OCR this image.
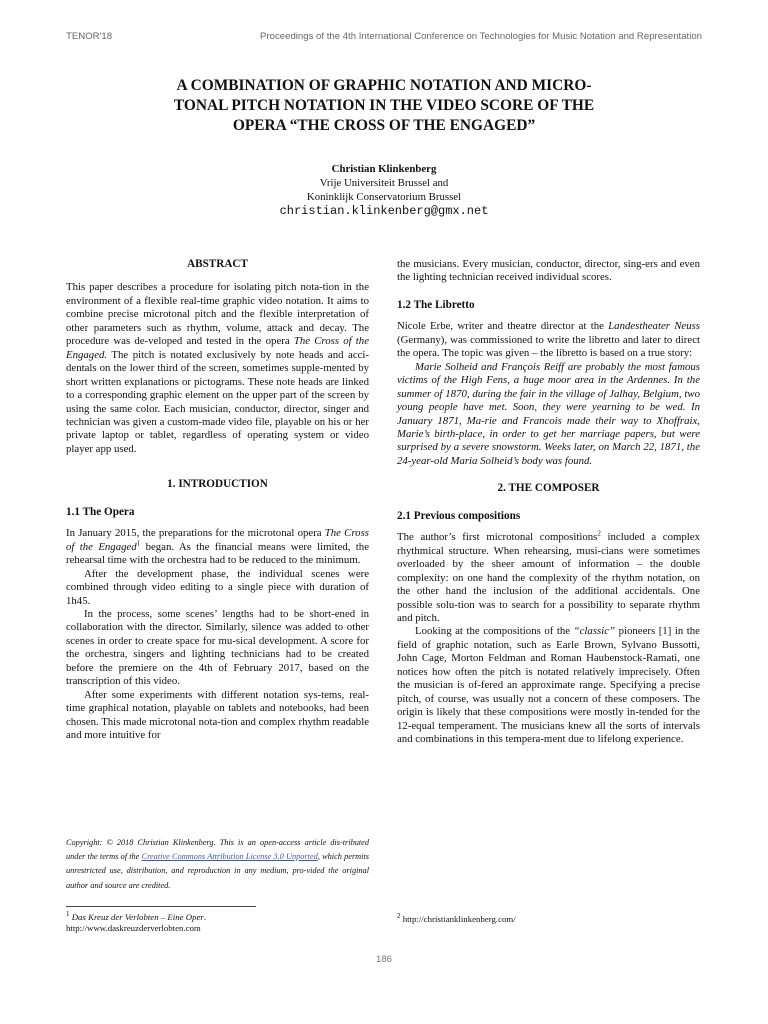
TENOR'18	Proceedings of the 4th International Conference on Technologies for Music Notation and Representation
A COMBINATION OF GRAPHIC NOTATION AND MICRO-
TONAL PITCH NOTATION IN THE VIDEO SCORE OF THE
OPERA “THE CROSS OF THE ENGAGED”
Christian Klinkenberg
Vrije Universiteit Brussel and
Koninklijk Conservatorium Brussel
christian.klinkenberg@gmx.net
ABSTRACT

This paper describes a procedure for isolating pitch nota-tion in the environment of a flexible real-time graphic video notation. It aims to combine precise microtonal pitch and the flexible interpretation of other parameters such as rhythm, volume, attack and decay. The procedure was de-veloped and tested in the opera The Cross of the Engaged. The pitch is notated exclusively by note heads and acci-dentals on the lower third of the screen, sometimes supple-mented by short written explanations or pictograms. These note heads are linked to a corresponding graphic element on the upper part of the screen by using the same color. Each musician, conductor, director, singer and technician was given a custom-made video file, playable on his or her private laptop or tablet, regardless of operating system or video player app used.

1. INTRODUCTION
1.1 The Opera

In January 2015, the preparations for the microtonal opera The Cross of the Engaged$^1$ began. As the financial means were limited, the rehearsal time with the orchestra had to be reduced to the minimum.

After the development phase, the individual scenes were combined through video editing to a single piece with duration of 1h45.

In the process, some scenes’ lengths had to be short-ened in collaboration with the director. Similarly, silence was added to other scenes in order to create space for mu-sical development. A score for the orchestra, singers and lighting technicians had to be created before the premiere on the 4th of February 2017, based on the transcription of this video.

After some experiments with different notation sys-tems, real-time graphical notation, playable on tablets and notebooks, had been chosen. This made microtonal nota-tion and complex rhythm readable and more intuitive for

Copyright: © 2018 Christian Klinkenberg. This is an open-access article dis-tributed under the terms of the Creative Commons Attribution License 3.0 Unported, which permits unrestricted use, distribution, and reproduction in any medium, pro-vided the original author and source are credited.
$^1$ Das Kreuz der Verlobten – Eine Oper.
http://www.daskreuzderverlobten.com

the musicians. Every musician, conductor, director, sing-ers and even the lighting technician received individual scores.

1.2 The Libretto

Nicole Erbe, writer and theatre director at the Landestheater Neuss (Germany), was commissioned to write the libretto and later to direct the opera. The topic was given – the libretto is based on a true story:

Marie Solheid and François Reiff are probably the most famous victims of the High Fens, a huge moor area in the Ardennes. In the summer of 1870, during the fair in the village of Jalhay, Belgium, two young people have met. Soon, they were yearning to be wed. In January 1871, Ma-rie and Francois made their way to Xhoffraix, Marie’s birth-place, in order to get her marriage papers, but were surprised by a severe snowstorm. Weeks later, on March 22, 1871, the 24-year-old Maria Solheid’s body was found.

2. THE COMPOSER
2.1 Previous compositions

The author’s first microtonal compositions$^2$ included a complex rhythmical structure. When rehearsing, musi-cians were sometimes overloaded by the sheer amount of information – the double complexity: on one hand the complexity of the rhythm notation, on the other hand the inclusion of the additional accidentals. One possible solu-tion was to search for a possibility to separate rhythm and pitch.

Looking at the compositions of the “classic” pioneers [1] in the field of graphic notation, such as Earle Brown, Sylvano Bussotti, John Cage, Morton Feldman and Roman Haubenstock-Ramati, one notices how often the pitch is notated relatively imprecisely. Often the musician is of-fered an approximate range. Specifying a precise pitch, of course, was usually not a concern of these composers. The origin is likely that these compositions were mostly in-tended for the 12-equal temperament. The musicians knew all the sorts of intervals and combinations in this tempera-ment due to lifelong experience.

$^2$ http://christianklinkenberg.com/
186
